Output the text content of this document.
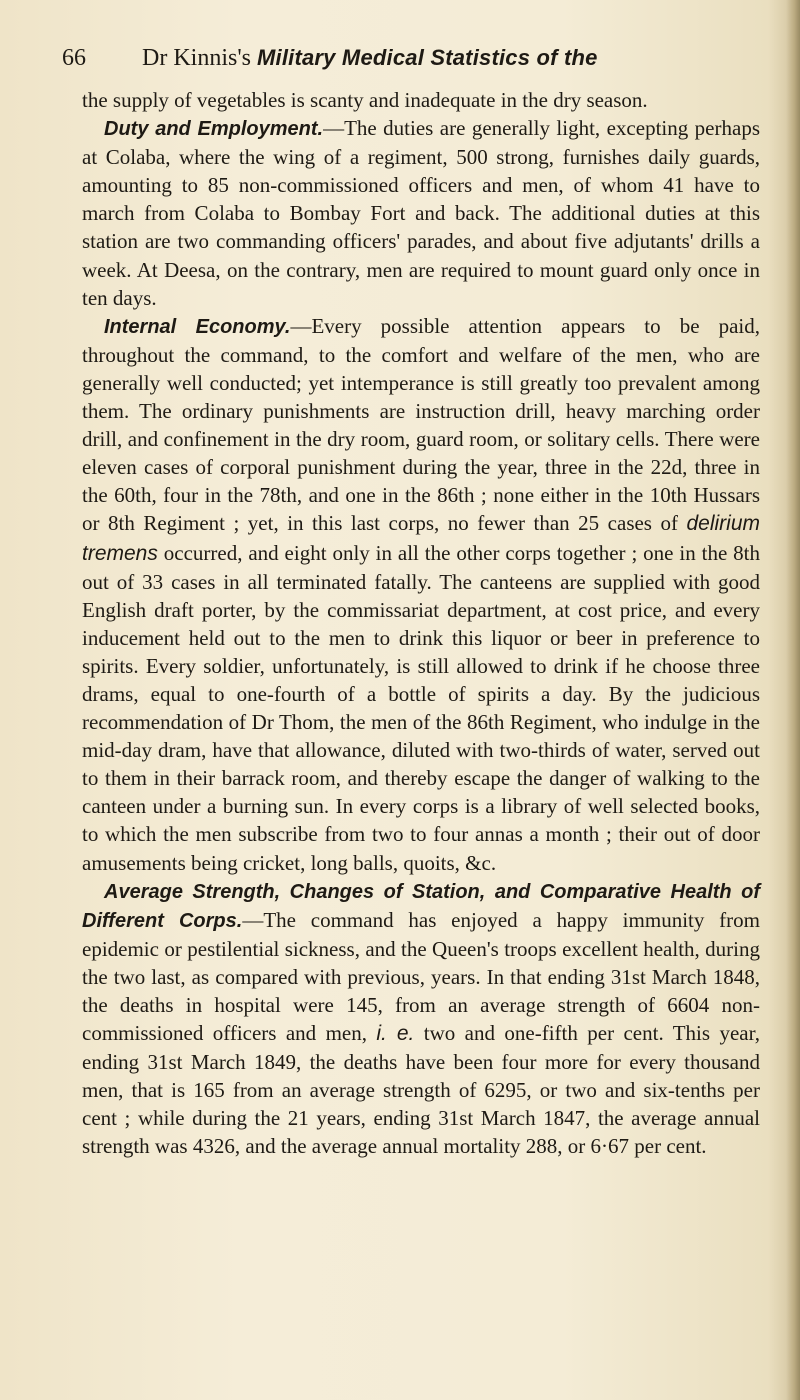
66 Dr Kinnis's Military Medical Statistics of the

the supply of vegetables is scanty and inadequate in the dry season.

Duty and Employment.—The duties are generally light, excepting perhaps at Colaba, where the wing of a regiment, 500 strong, furnishes daily guards, amounting to 85 non-commissioned officers and men, of whom 41 have to march from Colaba to Bombay Fort and back. The additional duties at this station are two commanding officers' parades, and about five adjutants' drills a week. At Deesa, on the contrary, men are required to mount guard only once in ten days.

Internal Economy.—Every possible attention appears to be paid, throughout the command, to the comfort and welfare of the men, who are generally well conducted; yet intemperance is still greatly too prevalent among them. The ordinary punishments are instruction drill, heavy marching order drill, and confinement in the dry room, guard room, or solitary cells. There were eleven cases of corporal punishment during the year, three in the 22d, three in the 60th, four in the 78th, and one in the 86th ; none either in the 10th Hussars or 8th Regiment ; yet, in this last corps, no fewer than 25 cases of delirium tremens occurred, and eight only in all the other corps together ; one in the 8th out of 33 cases in all terminated fatally. The canteens are supplied with good English draft porter, by the commissariat department, at cost price, and every inducement held out to the men to drink this liquor or beer in preference to spirits. Every soldier, unfortunately, is still allowed to drink if he choose three drams, equal to one-fourth of a bottle of spirits a day. By the judicious recommendation of Dr Thom, the men of the 86th Regiment, who indulge in the mid-day dram, have that allowance, diluted with two-thirds of water, served out to them in their barrack room, and thereby escape the danger of walking to the canteen under a burning sun. In every corps is a library of well selected books, to which the men subscribe from two to four annas a month ; their out of door amusements being cricket, long balls, quoits, &c.

Average Strength, Changes of Station, and Comparative Health of Different Corps.—The command has enjoyed a happy immunity from epidemic or pestilential sickness, and the Queen's troops excellent health, during the two last, as compared with previous, years. In that ending 31st March 1848, the deaths in hospital were 145, from an average strength of 6604 non-commissioned officers and men, i. e. two and one-fifth per cent. This year, ending 31st March 1849, the deaths have been four more for every thousand men, that is 165 from an average strength of 6295, or two and six-tenths per cent ; while during the 21 years, ending 31st March 1847, the average annual strength was 4326, and the average annual mortality 288, or 6·67 per cent.
